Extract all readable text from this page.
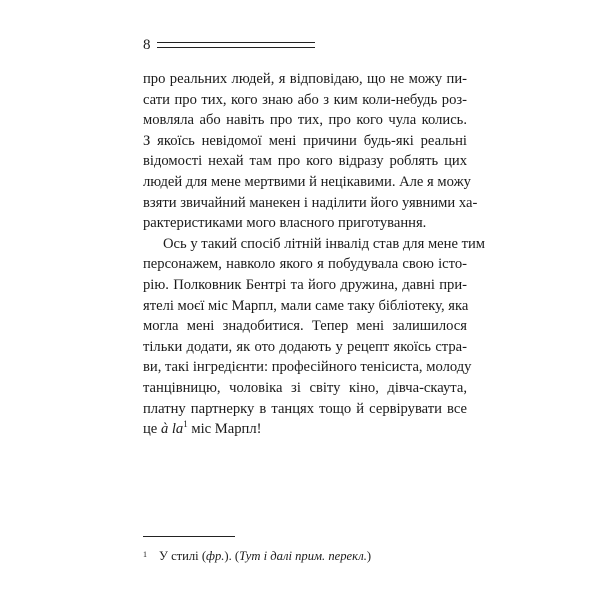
8
про реальних людей, я відповідаю, що не можу пи-
сати про тих, кого знаю або з ким коли-небудь роз-
мовляла або навіть про тих, про кого чула колись.
З якоїсь невідомої мені причини будь-які реальні
відомості нехай там про кого відразу роблять цих
людей для мене мертвими й нецікавими. Але я можу
взяти звичайний манекен і наділити його уявними ха-
рактеристиками мого власного приготування.
Ось у такий спосіб літній інвалід став для мене тим
персонажем, навколо якого я побудувала свою істо-
рію. Полковник Бентрі та його дружина, давні при-
ятелі моєї міс Марпл, мали саме таку бібліотеку, яка
могла мені знадобитися. Тепер мені залишилося
тільки додати, як ото додають у рецепт якоїсь стра-
ви, такі інгредієнти: професійного тенісиста, молоду
танцівницю, чоловіка зі світу кіно, дівча-скаута,
платну партнерку в танцях тощо й сервірувати все
це à la$^1$ міс Марпл!
$^1$ У стилі (фр.). (Тут і далі прим. перекл.)
